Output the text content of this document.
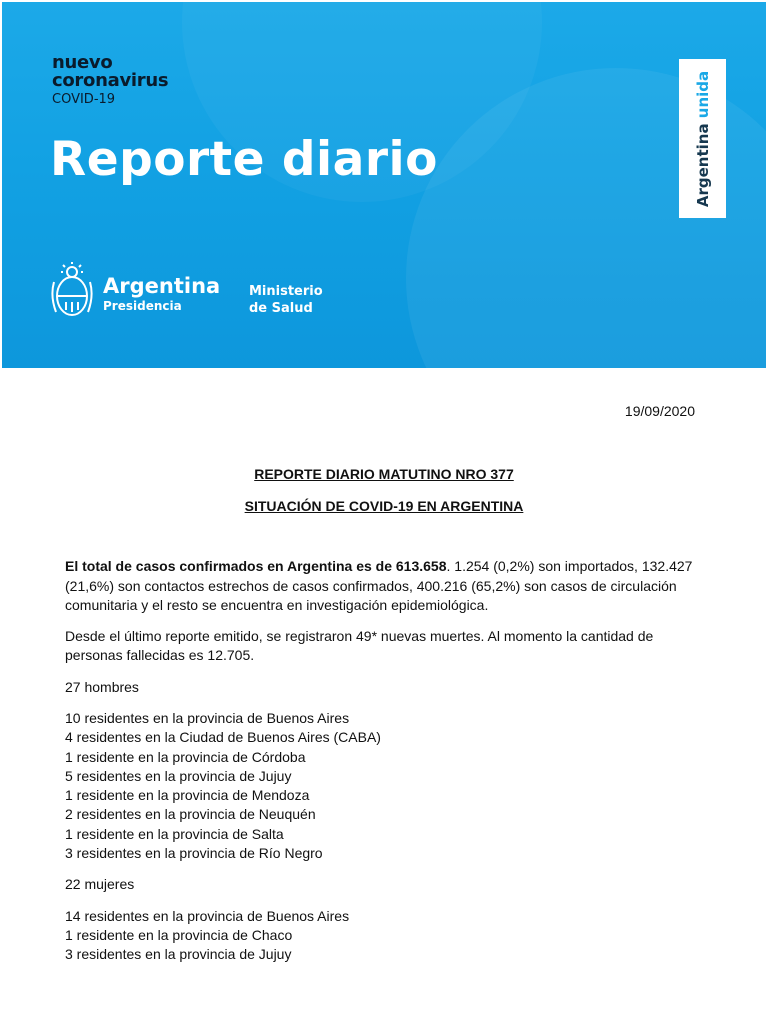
nuevo
coronavirus
COVID-19
Reporte diario	Argentina unida
Argentina
Presidencia
Ministerio
de Salud
19/09/2020
REPORTE DIARIO MATUTINO NRO 377
SITUACIÓN DE COVID-19 EN ARGENTINA

El total de casos confirmados en Argentina es de 613.658. 1.254 (0,2%) son importados, 132.427 (21,6%) son contactos estrechos de casos confirmados, 400.216 (65,2%) son casos de circulación comunitaria y el resto se encuentra en investigación epidemiológica.

Desde el último reporte emitido, se registraron 49* nuevas muertes. Al momento la cantidad de personas fallecidas es 12.705.

27 hombres

10 residentes en la provincia de Buenos Aires
4 residentes en la Ciudad de Buenos Aires (CABA)
1 residente en la provincia de Córdoba
5 residentes en la provincia de Jujuy
1 residente en la provincia de Mendoza
2 residentes en la provincia de Neuquén
1 residente en la provincia de Salta
3 residentes en la provincia de Río Negro

22 mujeres

14 residentes en la provincia de Buenos Aires
1 residente en la provincia de Chaco
3 residentes en la provincia de Jujuy
